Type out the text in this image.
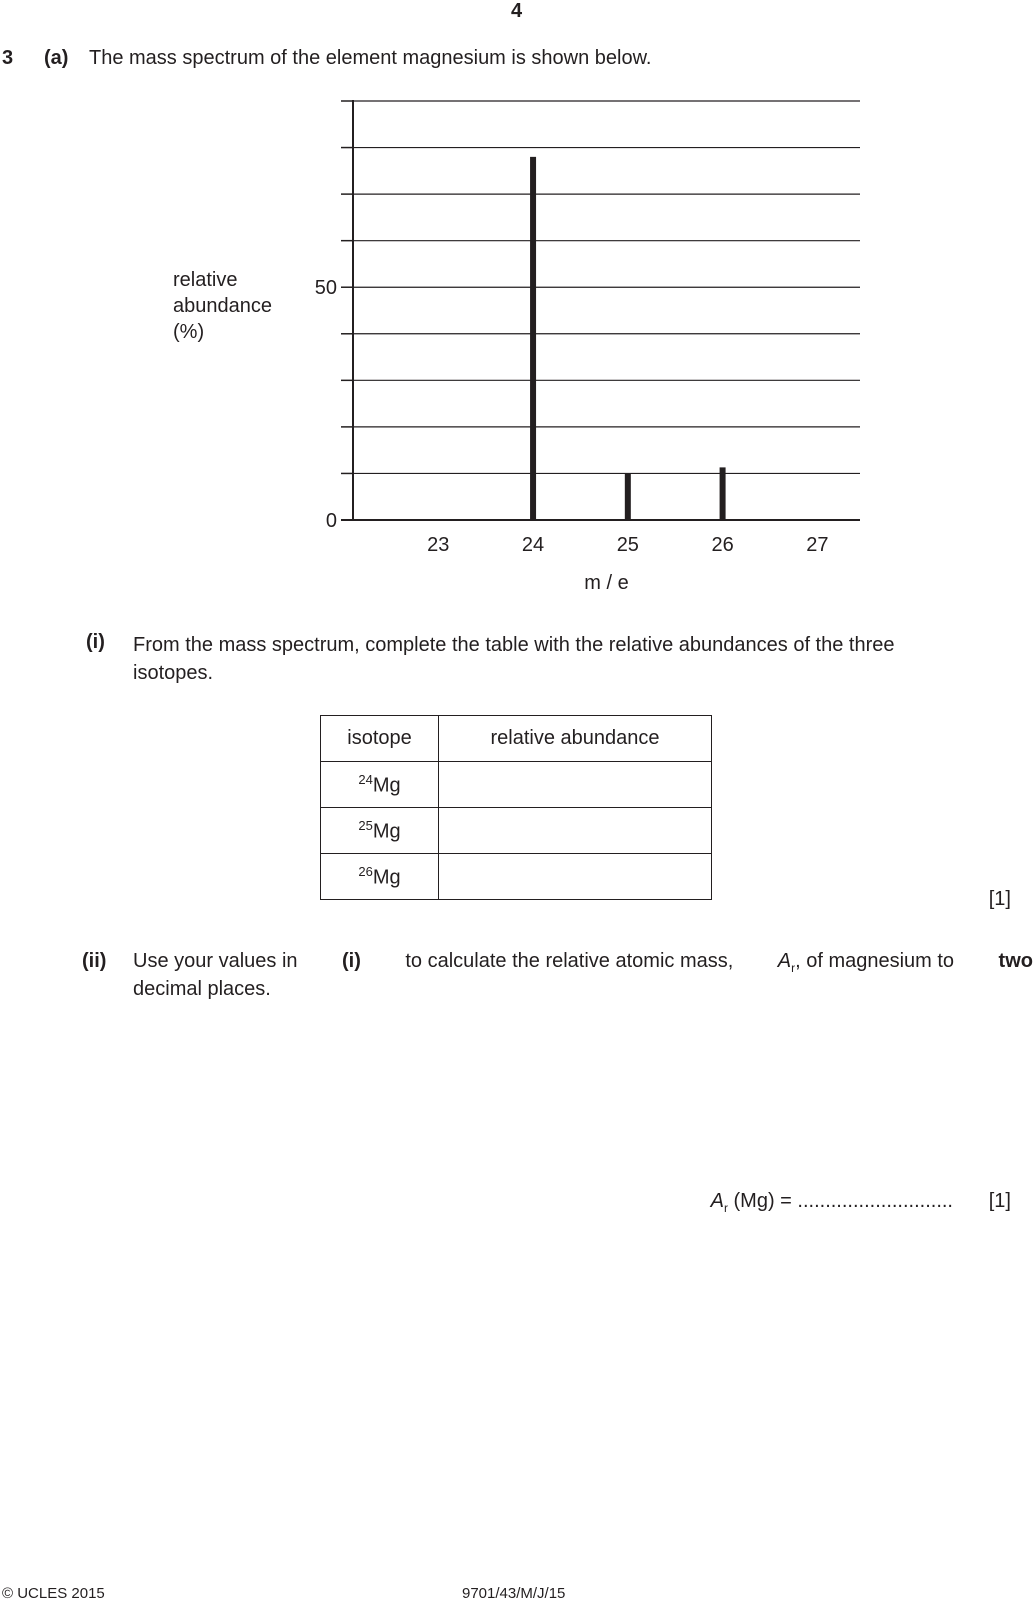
4
3 (a) The mass spectrum of the element magnesium is shown below.
relative
abundance
(%)
0
50
23	24	25	26	27
m / e
(i) From the mass spectrum, complete the table with the relative abundances of the three
isotopes.
isotope	relative abundance
$^{24}$Mg	
$^{25}$Mg	
$^{26}$Mg	
[1]
(ii) Use your values in (i) to calculate the relative atomic mass, $A_r$, of magnesium to two
decimal places.
$A_r$ (Mg) = ............................ [1]
© UCLES 2015	9701/43/M/J/15
